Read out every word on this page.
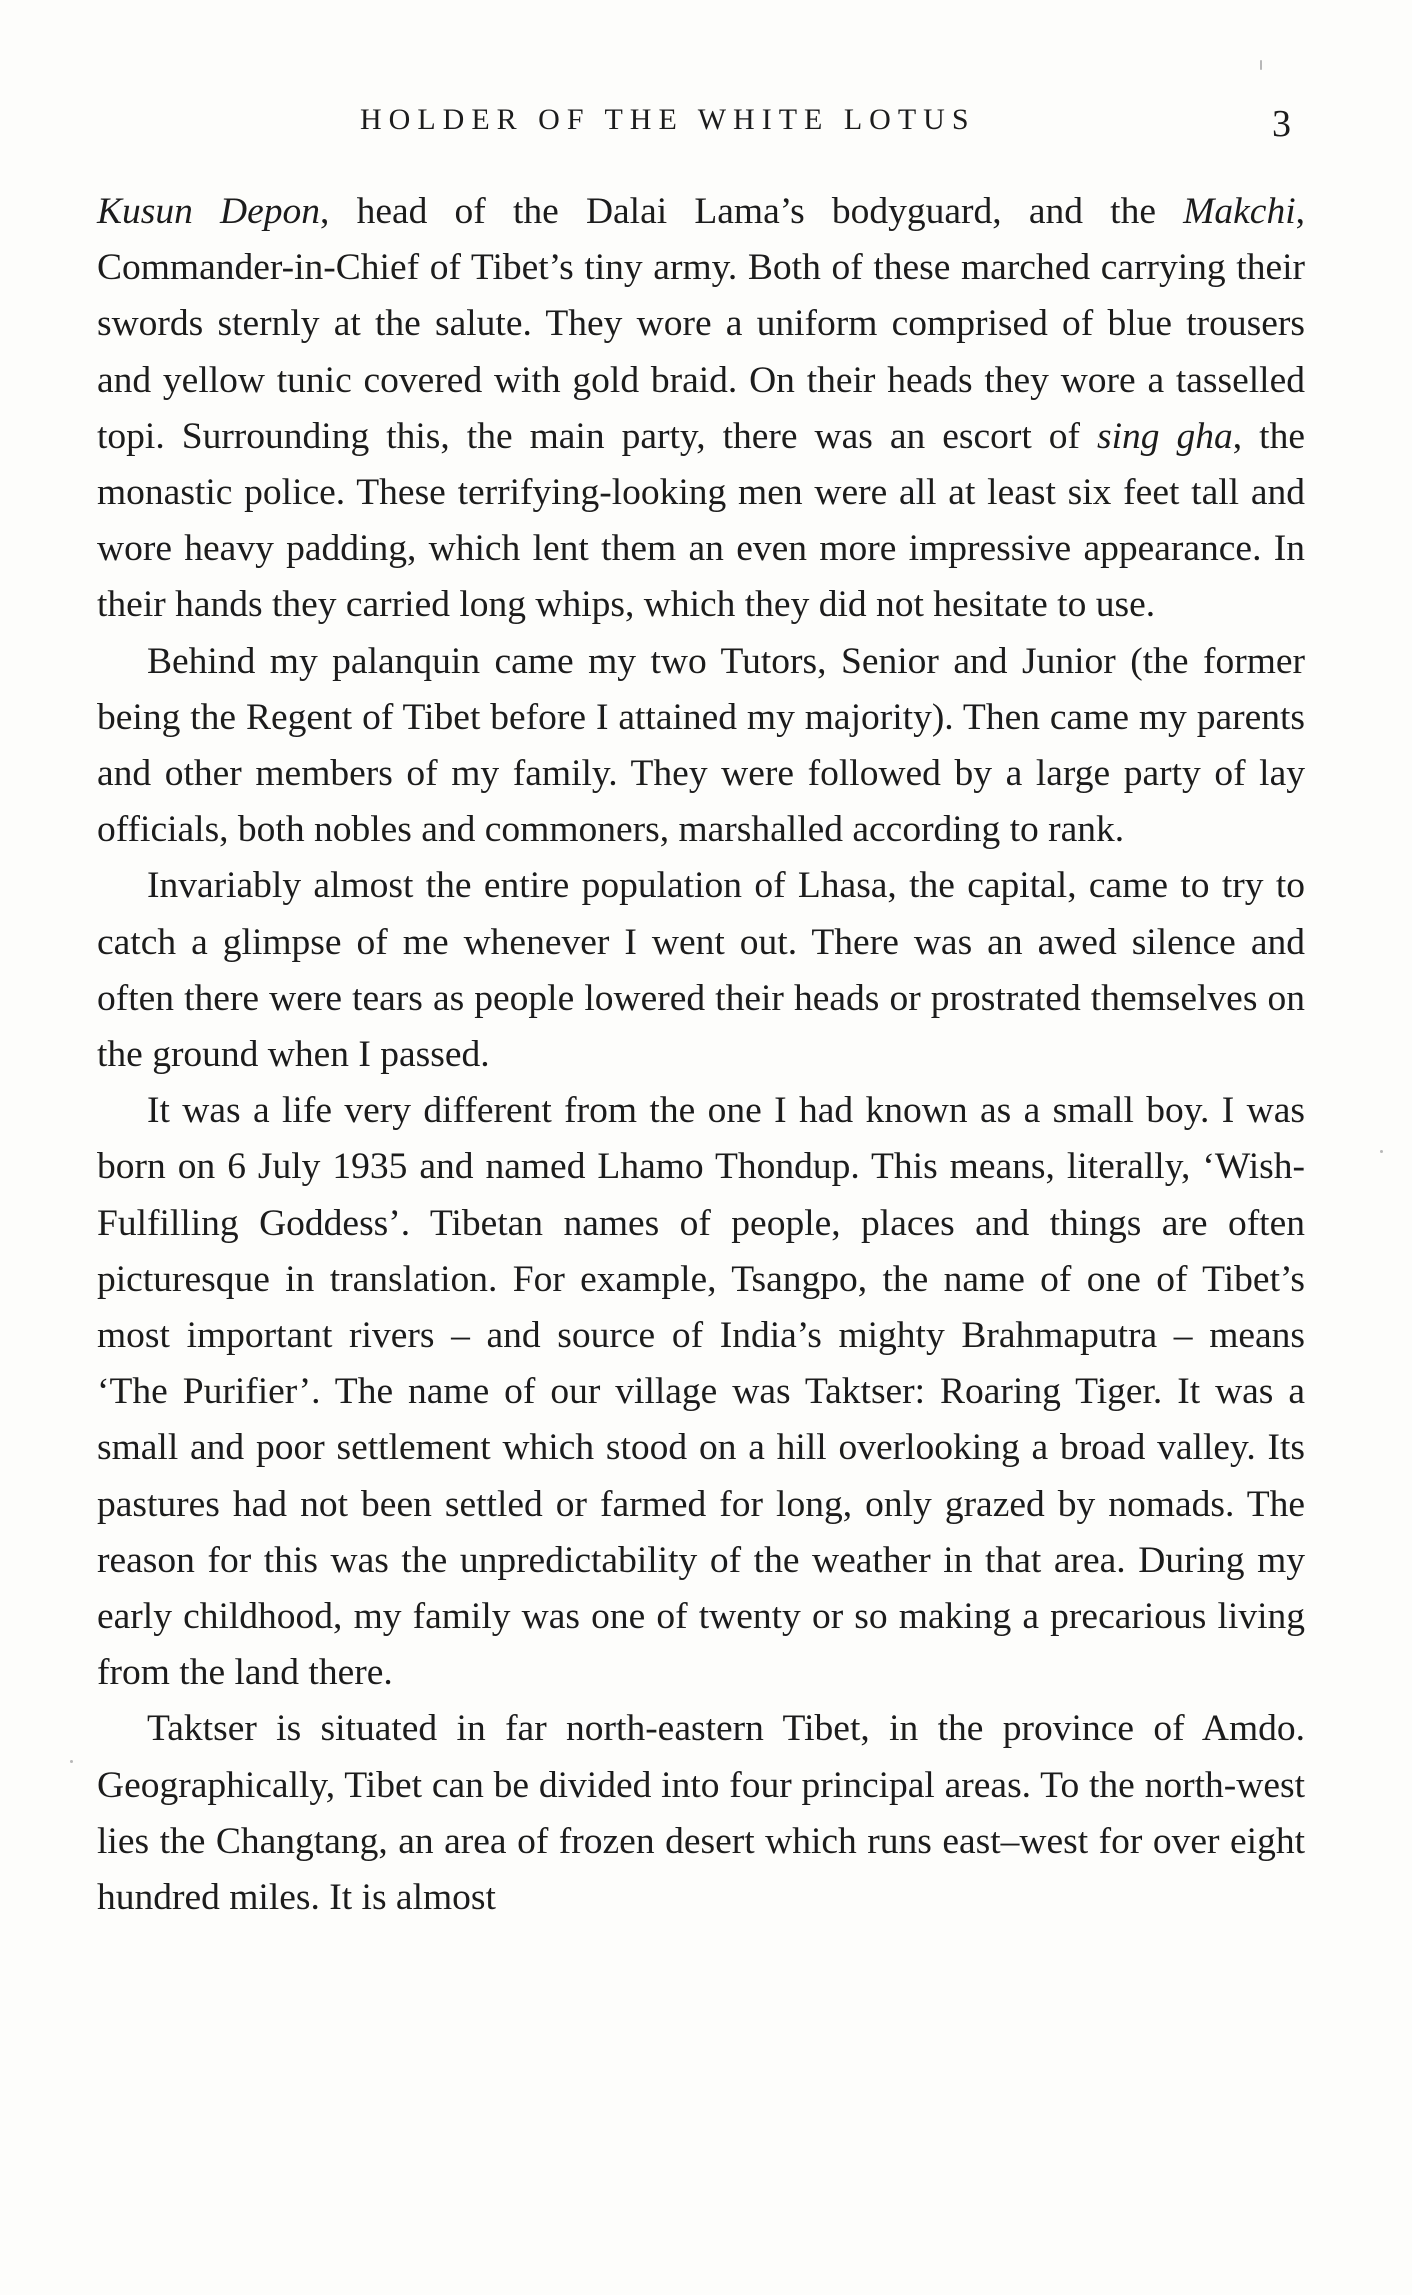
HOLDER OF THE WHITE LOTUS	3

Kusun Depon, head of the Dalai Lama’s bodyguard, and the Makchi, Commander-in-Chief of Tibet’s tiny army. Both of these marched carrying their swords sternly at the salute. They wore a uniform comprised of blue trousers and yellow tunic covered with gold braid. On their heads they wore a tasselled topi. Surrounding this, the main party, there was an escort of sing gha, the monastic police. These terrifying-looking men were all at least six feet tall and wore heavy padding, which lent them an even more impressive appearance. In their hands they carried long whips, which they did not hesitate to use.

Behind my palanquin came my two Tutors, Senior and Junior (the former being the Regent of Tibet before I attained my majority). Then came my parents and other members of my family. They were followed by a large party of lay officials, both nobles and commoners, marshalled according to rank.

Invariably almost the entire population of Lhasa, the capital, came to try to catch a glimpse of me whenever I went out. There was an awed silence and often there were tears as people lowered their heads or prostrated themselves on the ground when I passed.

It was a life very different from the one I had known as a small boy. I was born on 6 July 1935 and named Lhamo Thondup. This means, literally, ‘Wish-Fulfilling Goddess’. Tibetan names of people, places and things are often picturesque in translation. For example, Tsangpo, the name of one of Tibet’s most important rivers – and source of India’s mighty Brahmaputra – means ‘The Purifier’. The name of our village was Taktser: Roaring Tiger. It was a small and poor settlement which stood on a hill overlooking a broad valley. Its pastures had not been settled or farmed for long, only grazed by nomads. The reason for this was the unpredictability of the weather in that area. During my early childhood, my family was one of twenty or so making a precarious living from the land there.

Taktser is situated in far north-eastern Tibet, in the province of Amdo. Geographically, Tibet can be divided into four principal areas. To the north-west lies the Changtang, an area of frozen desert which runs east–west for over eight hundred miles. It is almost
